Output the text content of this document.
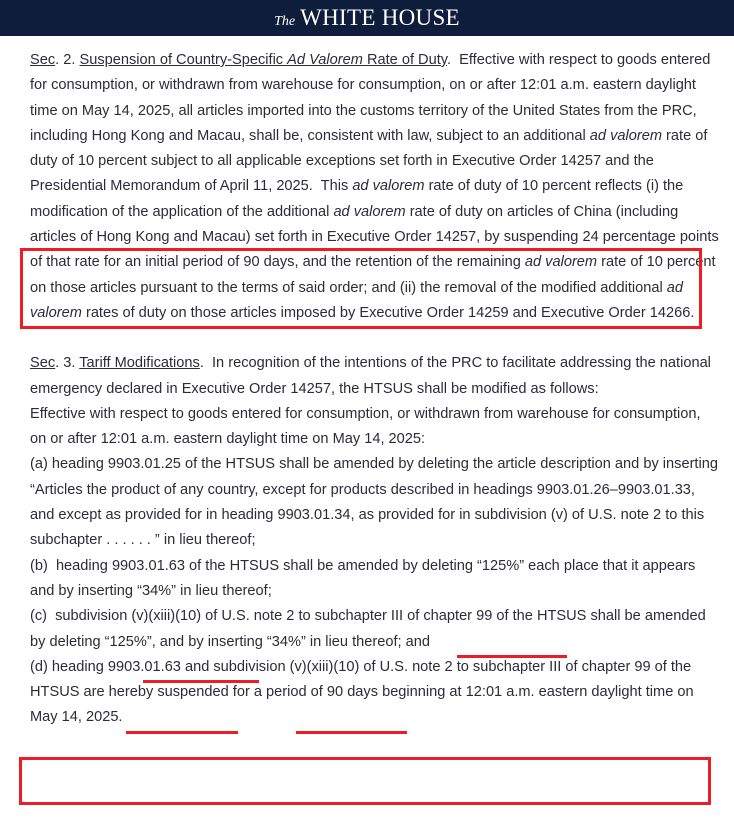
The WHITE HOUSE
Sec. 2. Suspension of Country-Specific Ad Valorem Rate of Duty.  Effective with respect to goods entered for consumption, or withdrawn from warehouse for consumption, on or after 12:01 a.m. eastern daylight time on May 14, 2025, all articles imported into the customs territory of the United States from the PRC, including Hong Kong and Macau, shall be, consistent with law, subject to an additional ad valorem rate of duty of 10 percent subject to all applicable exceptions set forth in Executive Order 14257 and the Presidential Memorandum of April 11, 2025.  This ad valorem rate of duty of 10 percent reflects (i) the modification of the application of the additional ad valorem rate of duty on articles of China (including articles of Hong Kong and Macau) set forth in Executive Order 14257, by suspending 24 percentage points of that rate for an initial period of 90 days, and the retention of the remaining ad valorem rate of 10 percent on those articles pursuant to the terms of said order; and (ii) the removal of the modified additional ad valorem rates of duty on those articles imposed by Executive Order 14259 and Executive Order 14266.
Sec. 3. Tariff Modifications.  In recognition of the intentions of the PRC to facilitate addressing the national emergency declared in Executive Order 14257, the HTSUS shall be modified as follows:
Effective with respect to goods entered for consumption, or withdrawn from warehouse for consumption, on or after 12:01 a.m. eastern daylight time on May 14, 2025:
(a) heading 9903.01.25 of the HTSUS shall be amended by deleting the article description and by inserting “Articles the product of any country, except for products described in headings 9903.01.26–9903.01.33, and except as provided for in heading 9903.01.34, as provided for in subdivision (v) of U.S. note 2 to this subchapter . . . . . . ” in lieu thereof;
(b)  heading 9903.01.63 of the HTSUS shall be amended by deleting “125%” each place that it appears and by inserting “34%” in lieu thereof;
(c)  subdivision (v)(xiii)(10) of U.S. note 2 to subchapter III of chapter 99 of the HTSUS shall be amended by deleting “125%”, and by inserting “34%” in lieu thereof; and
(d) heading 9903.01.63 and subdivision (v)(xiii)(10) of U.S. note 2 to subchapter III of chapter 99 of the HTSUS are hereby suspended for a period of 90 days beginning at 12:01 a.m. eastern daylight time on May 14, 2025.
